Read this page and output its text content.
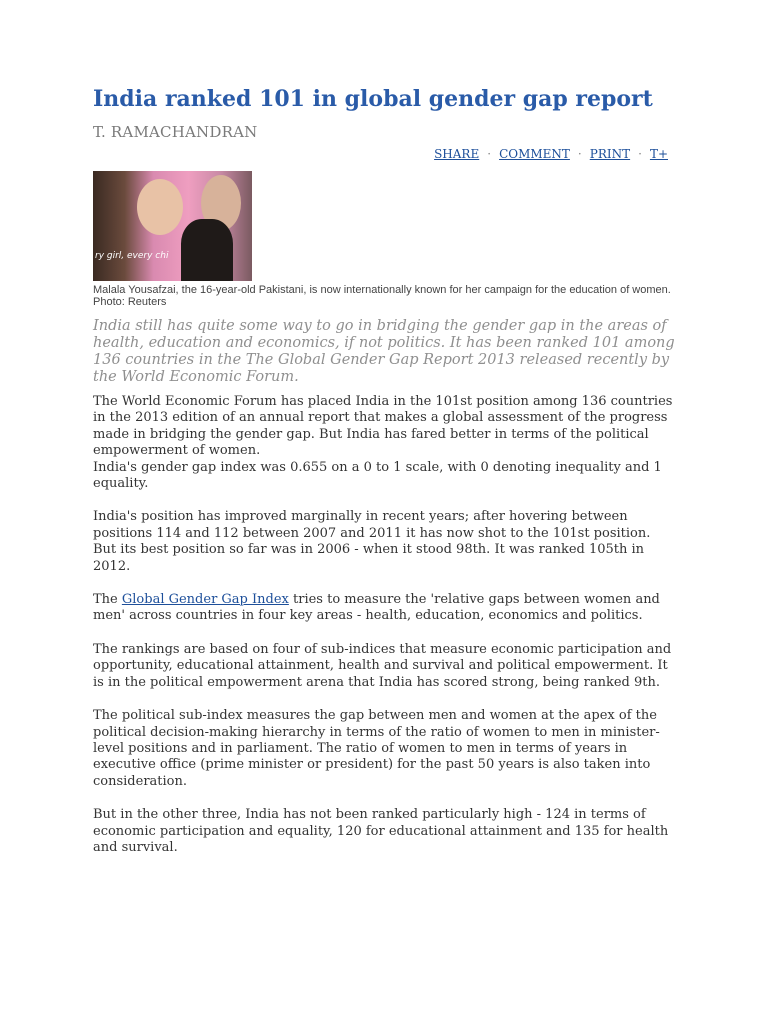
India ranked 101 in global gender gap report
T. RAMACHANDRAN
SHARE · COMMENT · PRINT · T+
ry girl, every chi
Malala Yousafzai, the 16-year-old Pakistani, is now internationally known for her campaign for the education of women. Photo: Reuters
India still has quite some way to go in bridging the gender gap in the areas of health, education and economics, if not politics. It has been ranked 101 among 136 countries in the The Global Gender Gap Report 2013 released recently by the World Economic Forum.

The World Economic Forum has placed India in the 101st position among 136 countries in the 2013 edition of an annual report that makes a global assessment of the progress made in bridging the gender gap. But India has fared better in terms of the political empowerment of women.

India's gender gap index was 0.655 on a 0 to 1 scale, with 0 denoting inequality and 1 equality.

India's position has improved marginally in recent years; after hovering between positions 114 and 112 between 2007 and 2011 it has now shot to the 101st position. But its best position so far was in 2006 - when it stood 98th. It was ranked 105th in 2012.

The Global Gender Gap Index tries to measure the 'relative gaps between women and men' across countries in four key areas - health, education, economics and politics.

The rankings are based on four of sub-indices that measure economic participation and opportunity, educational attainment, health and survival and political empowerment. It is in the political empowerment arena that India has scored strong, being ranked 9th.

The political sub-index measures the gap between men and women at the apex of the political decision-making hierarchy in terms of the ratio of women to men in minister-level positions and in parliament. The ratio of women to men in terms of years in executive office (prime minister or president) for the past 50 years is also taken into consideration.

But in the other three, India has not been ranked particularly high - 124 in terms of economic participation and equality, 120 for educational attainment and 135 for health and survival.
